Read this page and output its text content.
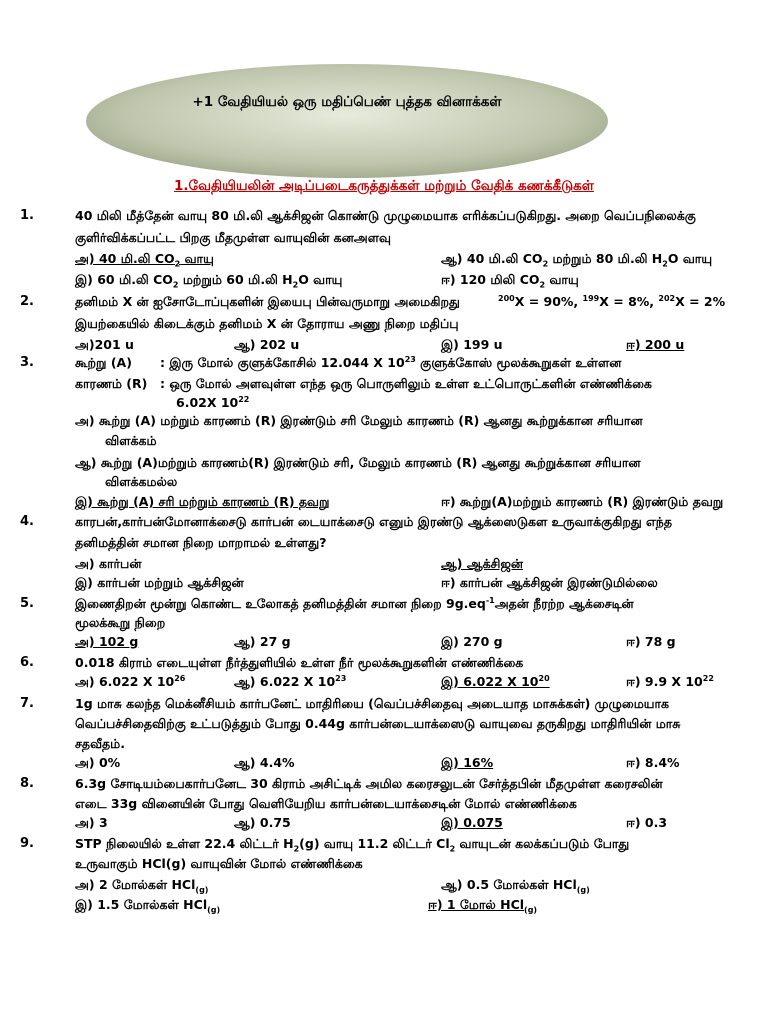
+1 வேதியியல் ஒரு மதிப்பெண் புத்தக வினாக்கள்
1.வேதியியலின் அடிப்படைகருத்துக்கள் மற்றும் வேதிக் கணக்கீடுகள்
1.	40 மிலி மீத்தேன் வாயு 80 மி.லி ஆக்சிஜன் கொண்டு முழுமையாக எரிக்கப்படுகிறது. அறை வெப்பநிலைக்கு
குளிர்விக்கப்பட்ட பிறகு மீதமுள்ள வாயுவின் கனஅளவு
அ) 40 மி.லி $CO_2$ வாயு	ஆ) 40 மி.லி $CO_2$ மற்றும் 80 மி.லி $H_2O$ வாயு
இ) 60 மி.லி $CO_2$ மற்றும் 60 மி.லி $H_2O$ வாயு	ஈ) 120 மிலி $CO_2$ வாயு
2.	தனிமம் X ன் ஐசோடோப்புகளின் இயைபு பின்வருமாறு அமைகிறது	$^{200}$X = 90%, $^{199}$X = 8%, $^{202}$X = 2%
இயற்கையில் கிடைக்கும் தனிமம் X ன் தோராய அணு நிறை மதிப்பு
அ)201 u	ஆ) 202 u	இ) 199 u	ஈ) 200 u
3.	கூற்று (A) : இரு மோல் குளுக்கோசில் 12.044 X $10^{23}$ குளுக்கோஸ் மூலக்கூறுகள் உள்ளன
காரணம் (R) : ஒரு மோல் அளவுள்ள எந்த ஒரு பொருளிலும் உள்ள உட்பொருட்களின் எண்ணிக்கை
6.02X $10^{22}$
அ) கூற்று (A) மற்றும் காரணம் (R) இரண்டும் சரி மேலும் காரணம் (R) ஆனது கூற்றுக்கான சரியான
விளக்கம்
ஆ) கூற்று (A)மற்றும் காரணம்(R) இரண்டும் சரி, மேலும் காரணம் (R) ஆனது கூற்றுக்கான சரியான
விளக்கமல்ல
இ) கூற்று (A) சரி மற்றும் காரணம் (R) தவறு	ஈ) கூற்று(A)மற்றும் காரணம் (R) இரண்டும் தவறு
4.	காரபன்,கார்பன்மோனாக்சைடு கார்பன் டையாக்சைடு எனும் இரண்டு ஆக்ஸைடுகள உருவாக்குகிறது எந்த
தனிமத்தின் சமான நிறை மாறாமல் உள்ளது?
அ) கார்பன்	ஆ) ஆக்சிஜன்
இ) கார்பன் மற்றும் ஆக்சிஜன்	ஈ) கார்பன் ஆக்சிஜன் இரண்டுமில்லை
5.	இணைதிறன் மூன்று கொண்ட உலோகத் தனிமத்தின் சமான நிறை $9g.eq^{-1}அதன்$ நீரற்ற ஆக்சைடின்
மூலக்கூறு நிறை
அ) 102 g	ஆ) 27 g	இ) 270 g	ஈ) 78 g
6.	0.018 கிராம் எடையுள்ள நீர்த்துளியில் உள்ள நீர் மூலக்கூறுகளின் எண்ணிக்கை
அ) 6.022 X $10^{26}$	ஆ) 6.022 X $10^{23}$	இ) 6.022 X $10^{20}$	ஈ) 9.9 X $10^{22}$
7.	1g மாசு கலந்த மெக்னீசியம் கார்பனேட் மாதிரியை (வெப்பச்சிதைவு அடையாத மாசுக்கள்) முழுமையாக
வெப்பச்சிதைவிற்கு உட்படுத்தும் போது 0.44g கார்பன்டையாக்ஸைடு வாயுவை தருகிறது மாதிரியின் மாசு
சதவீதம்.
அ) 0%	ஆ) 4.4%	இ) 16%	ஈ) 8.4%
8.	6.3g சோடியம்பைகார்பனேட 30 கிராம் அசிட்டிக் அமில கரைசலுடன் சேர்த்தபின் மீதமுள்ள கரைசலின்
எடை 33g வினையின் போது வெளியேறிய கார்பன்டையாக்சைடின் மோல் எண்ணிக்கை
அ) 3	ஆ) 0.75	இ) 0.075	ஈ) 0.3
9.	STP நிலையில் உள்ள 22.4 லிட்டர் $H_2(g)$ வாயு 11.2 லிட்டர் $Cl_2$ வாயுடன் கலக்கப்படும் போது
உருவாகும் HCl(g) வாயுவின் மோல் எண்ணிக்கை
அ) 2 மோல்கள் HCl$_{(g)}$	ஆ) 0.5 மோல்கள் HCl$_{(g)}$
இ) 1.5 மோல்கள் HCl$_{(g)}$	ஈ) 1 மோல் HCl$_{(g)}$
